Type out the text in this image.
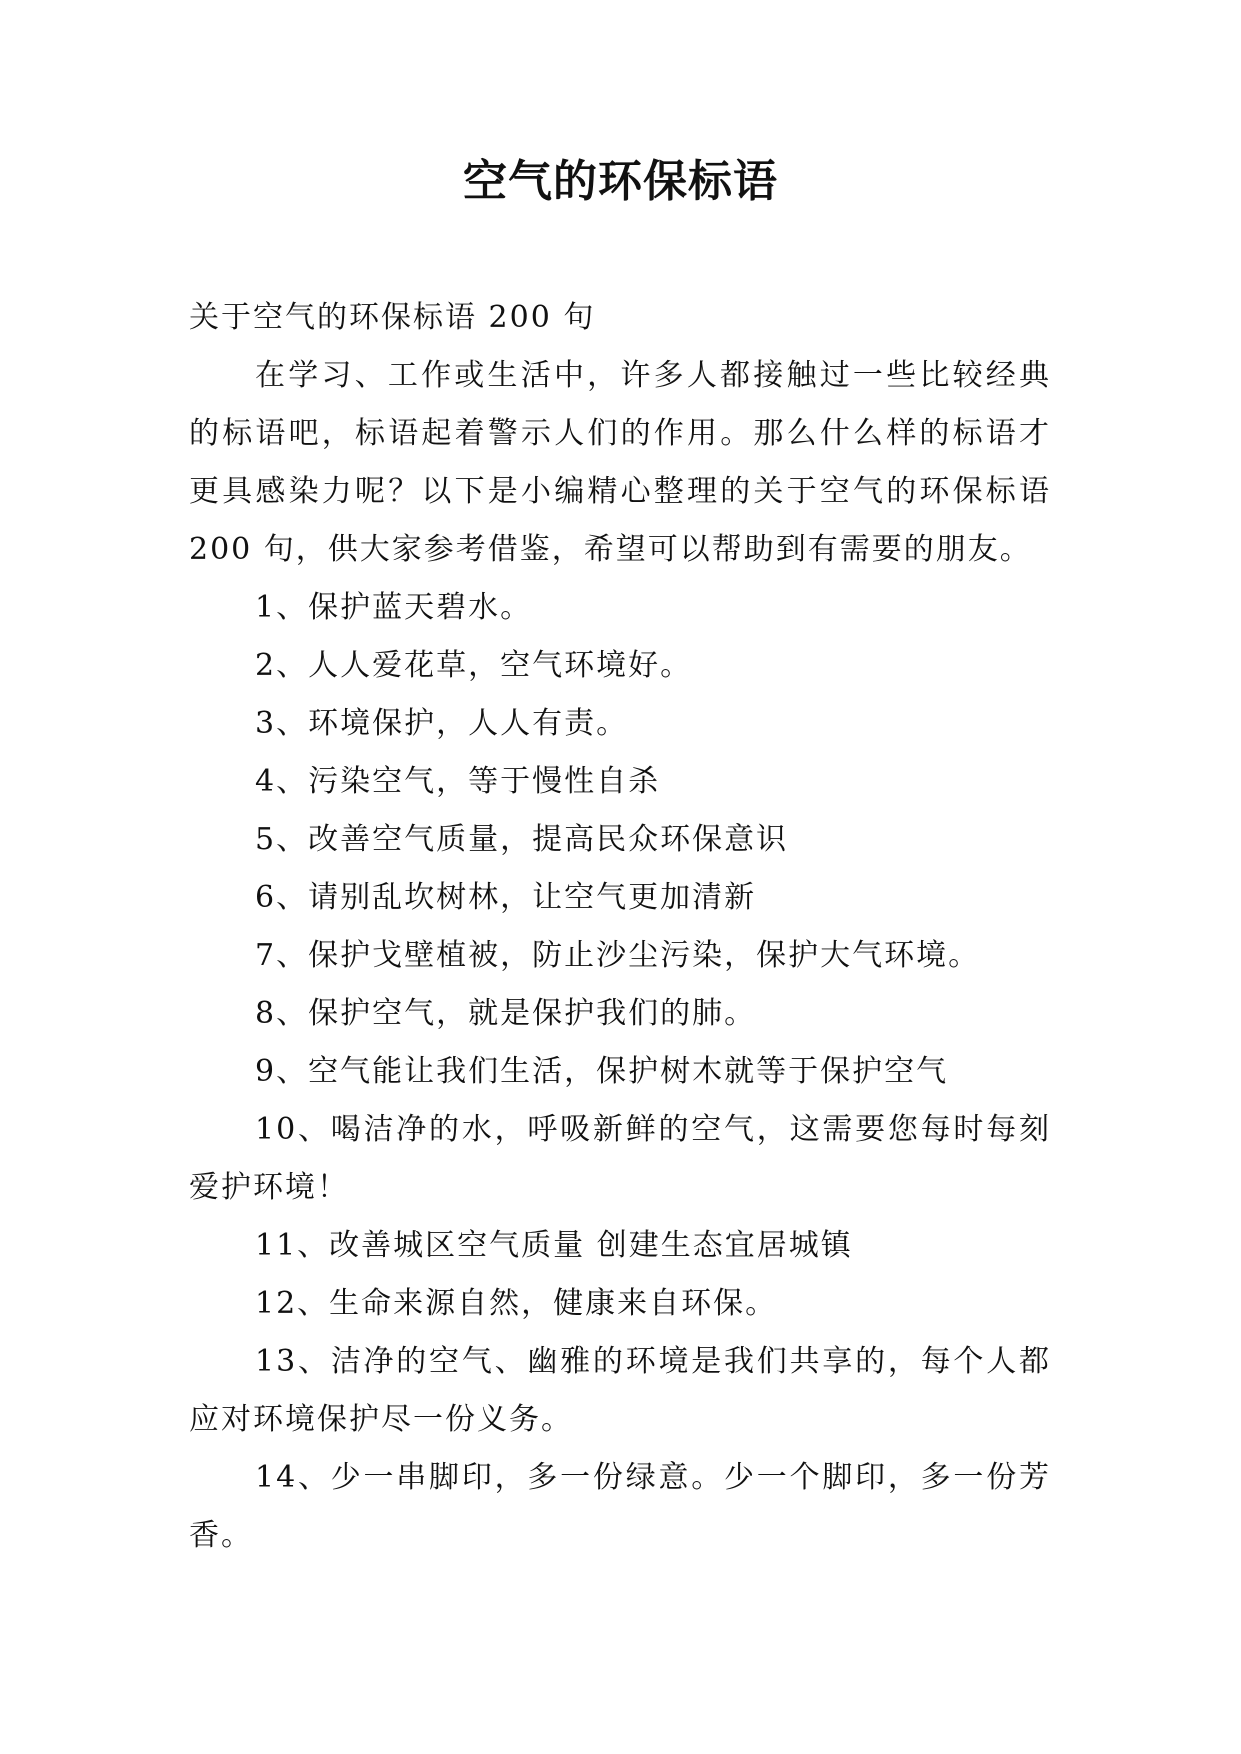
空气的环保标语

关于空气的环保标语 200 句

在学习、工作或生活中，许多人都接触过一些比较经典的标语吧，标语起着警示人们的作用。那么什么样的标语才更具感染力呢？以下是小编精心整理的关于空气的环保标语 200 句，供大家参考借鉴，希望可以帮助到有需要的朋友。

1、保护蓝天碧水。

2、人人爱花草，空气环境好。

3、环境保护，人人有责。

4、污染空气，等于慢性自杀

5、改善空气质量，提高民众环保意识

6、请别乱坎树林，让空气更加清新

7、保护戈壁植被，防止沙尘污染，保护大气环境。

8、保护空气，就是保护我们的肺。

9、空气能让我们生活，保护树木就等于保护空气

10、喝洁净的水，呼吸新鲜的空气，这需要您每时每刻爱护环境！

11、改善城区空气质量 创建生态宜居城镇

12、生命来源自然，健康来自环保。

13、洁净的空气、幽雅的环境是我们共享的，每个人都应对环境保护尽一份义务。

14、少一串脚印，多一份绿意。少一个脚印，多一份芳香。
